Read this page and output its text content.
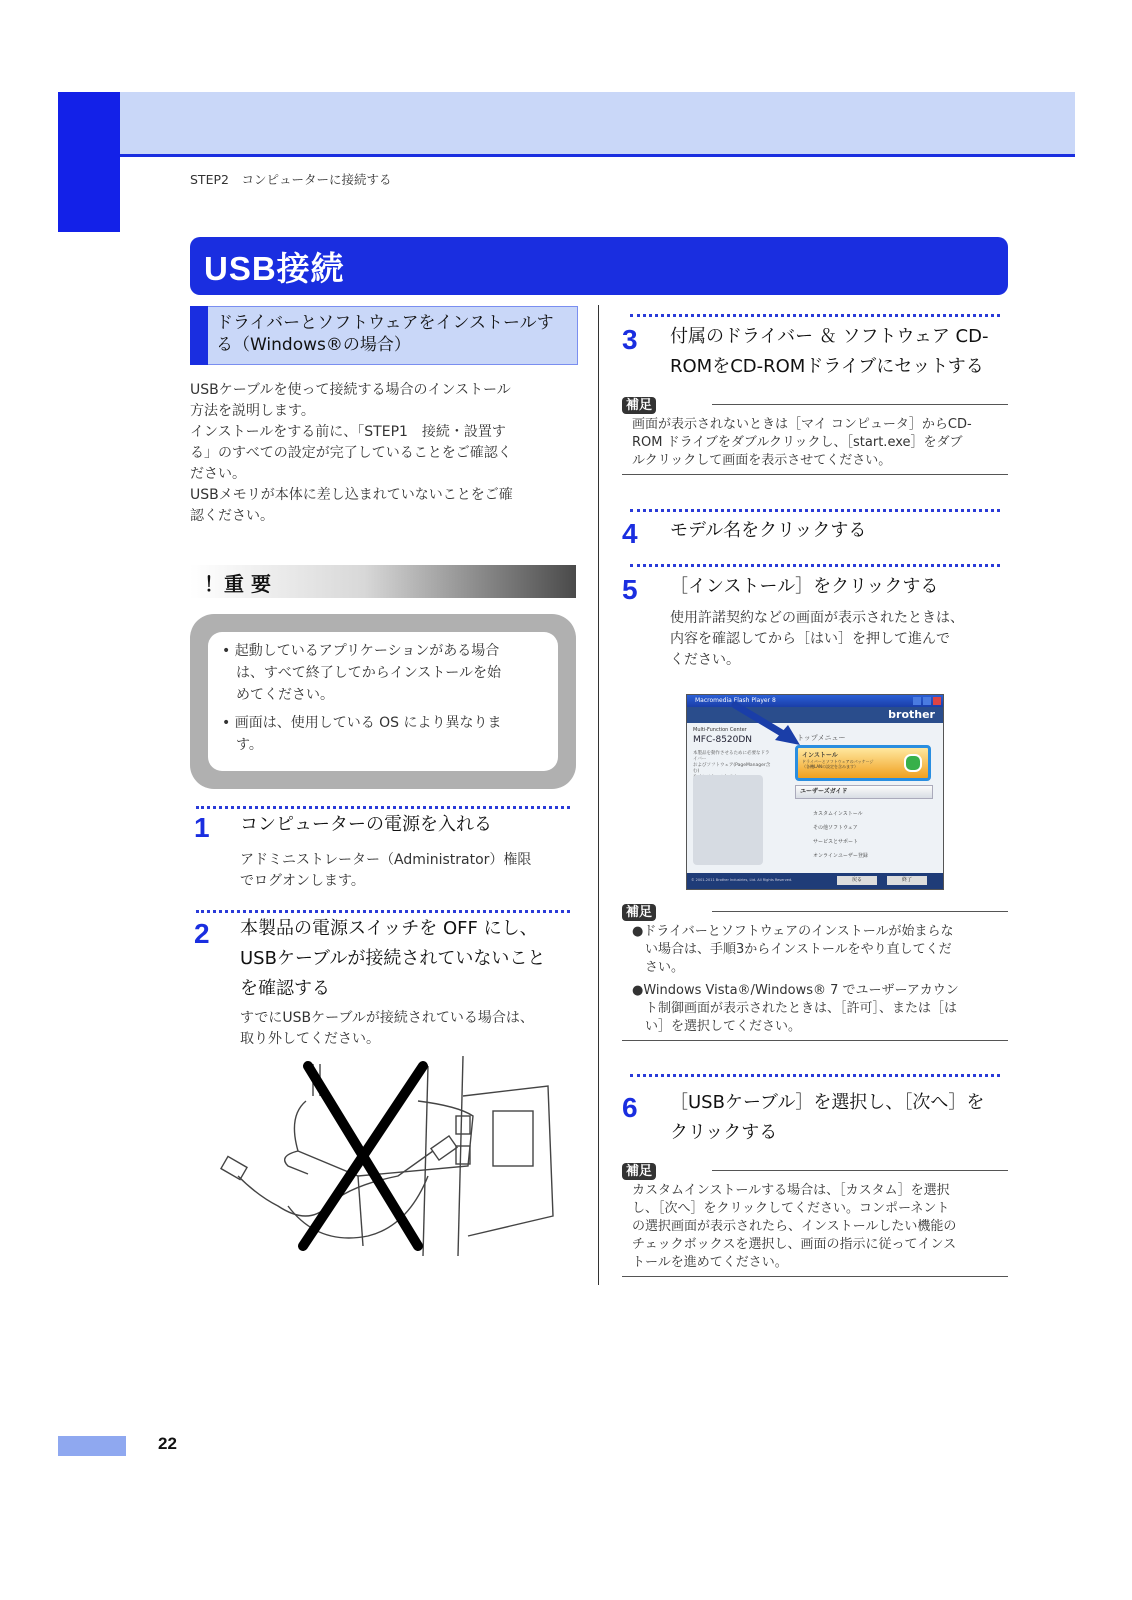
STEP2　コンピューターに接続する
USB接続
ドライバーとソフトウェアをインストールする（Windows®の場合）
USBケーブルを使って接続する場合のインストール
方法を説明します。
インストールをする前に、「STEP1　接続・設置す
る」のすべての設定が完了していることをご確認く
ださい。
USBメモリが本体に差し込まれていないことをご確
認ください。
！重 要
• 起動しているアプリケーションがある場合
　は、すべて終了してからインストールを始
　めてください。
• 画面は、使用している OS により異なりま
　す。
1 コンピューターの電源を入れる
アドミニストレーター（Administrator）権限
でログオンします。
2 本製品の電源スイッチを OFF にし、
USBケーブルが接続されていないこと
を確認する
すでにUSBケーブルが接続されている場合は、
取り外してください。
3 付属のドライバー ＆ ソフトウェア CD-
ROMをCD-ROMドライブにセットする
補足
画面が表示されないときは［マイ コンピュータ］からCD-
ROM ドライブをダブルクリックし、［start.exe］をダブ
ルクリックして画面を表示させてください。
4 モデル名をクリックする
5 ［インストール］をクリックする
使用許諾契約などの画面が表示されたときは、
内容を確認してから［はい］を押して進んで
ください。
Macromedia Flash Player 8
brother
Multi-Function Center
MFC-8520DN
本製品を動作させるために必要なドライバー
およびソフトウェア(PageManager含む)

トップメニュー
インストール
ドライバーとソフトウェアのパッケージ
（各機LANの設定を含みます）
ユーザーズガイド
カスタムインストール
その他ソフトウェア
サービスとサポート
オンラインユーザー登録
© 2001-2011 Brother Industries, Ltd. All Rights Reserved.	戻る	終了
補足
●ドライバーとソフトウェアのインストールが始まらな
　い場合は、手順3からインストールをやり直してくだ
　さい。
●Windows Vista®/Windows® 7 でユーザーアカウン
　ト制御画面が表示されたときは、［許可］、または［は
　い］を選択してください。
6 ［USBケーブル］を選択し、［次へ］を
クリックする
補足
カスタムインストールする場合は、［カスタム］を選択
し、［次へ］をクリックしてください。コンポーネント
の選択画面が表示されたら、インストールしたい機能の
チェックボックスを選択し、画面の指示に従ってインス
トールを進めてください。
22
